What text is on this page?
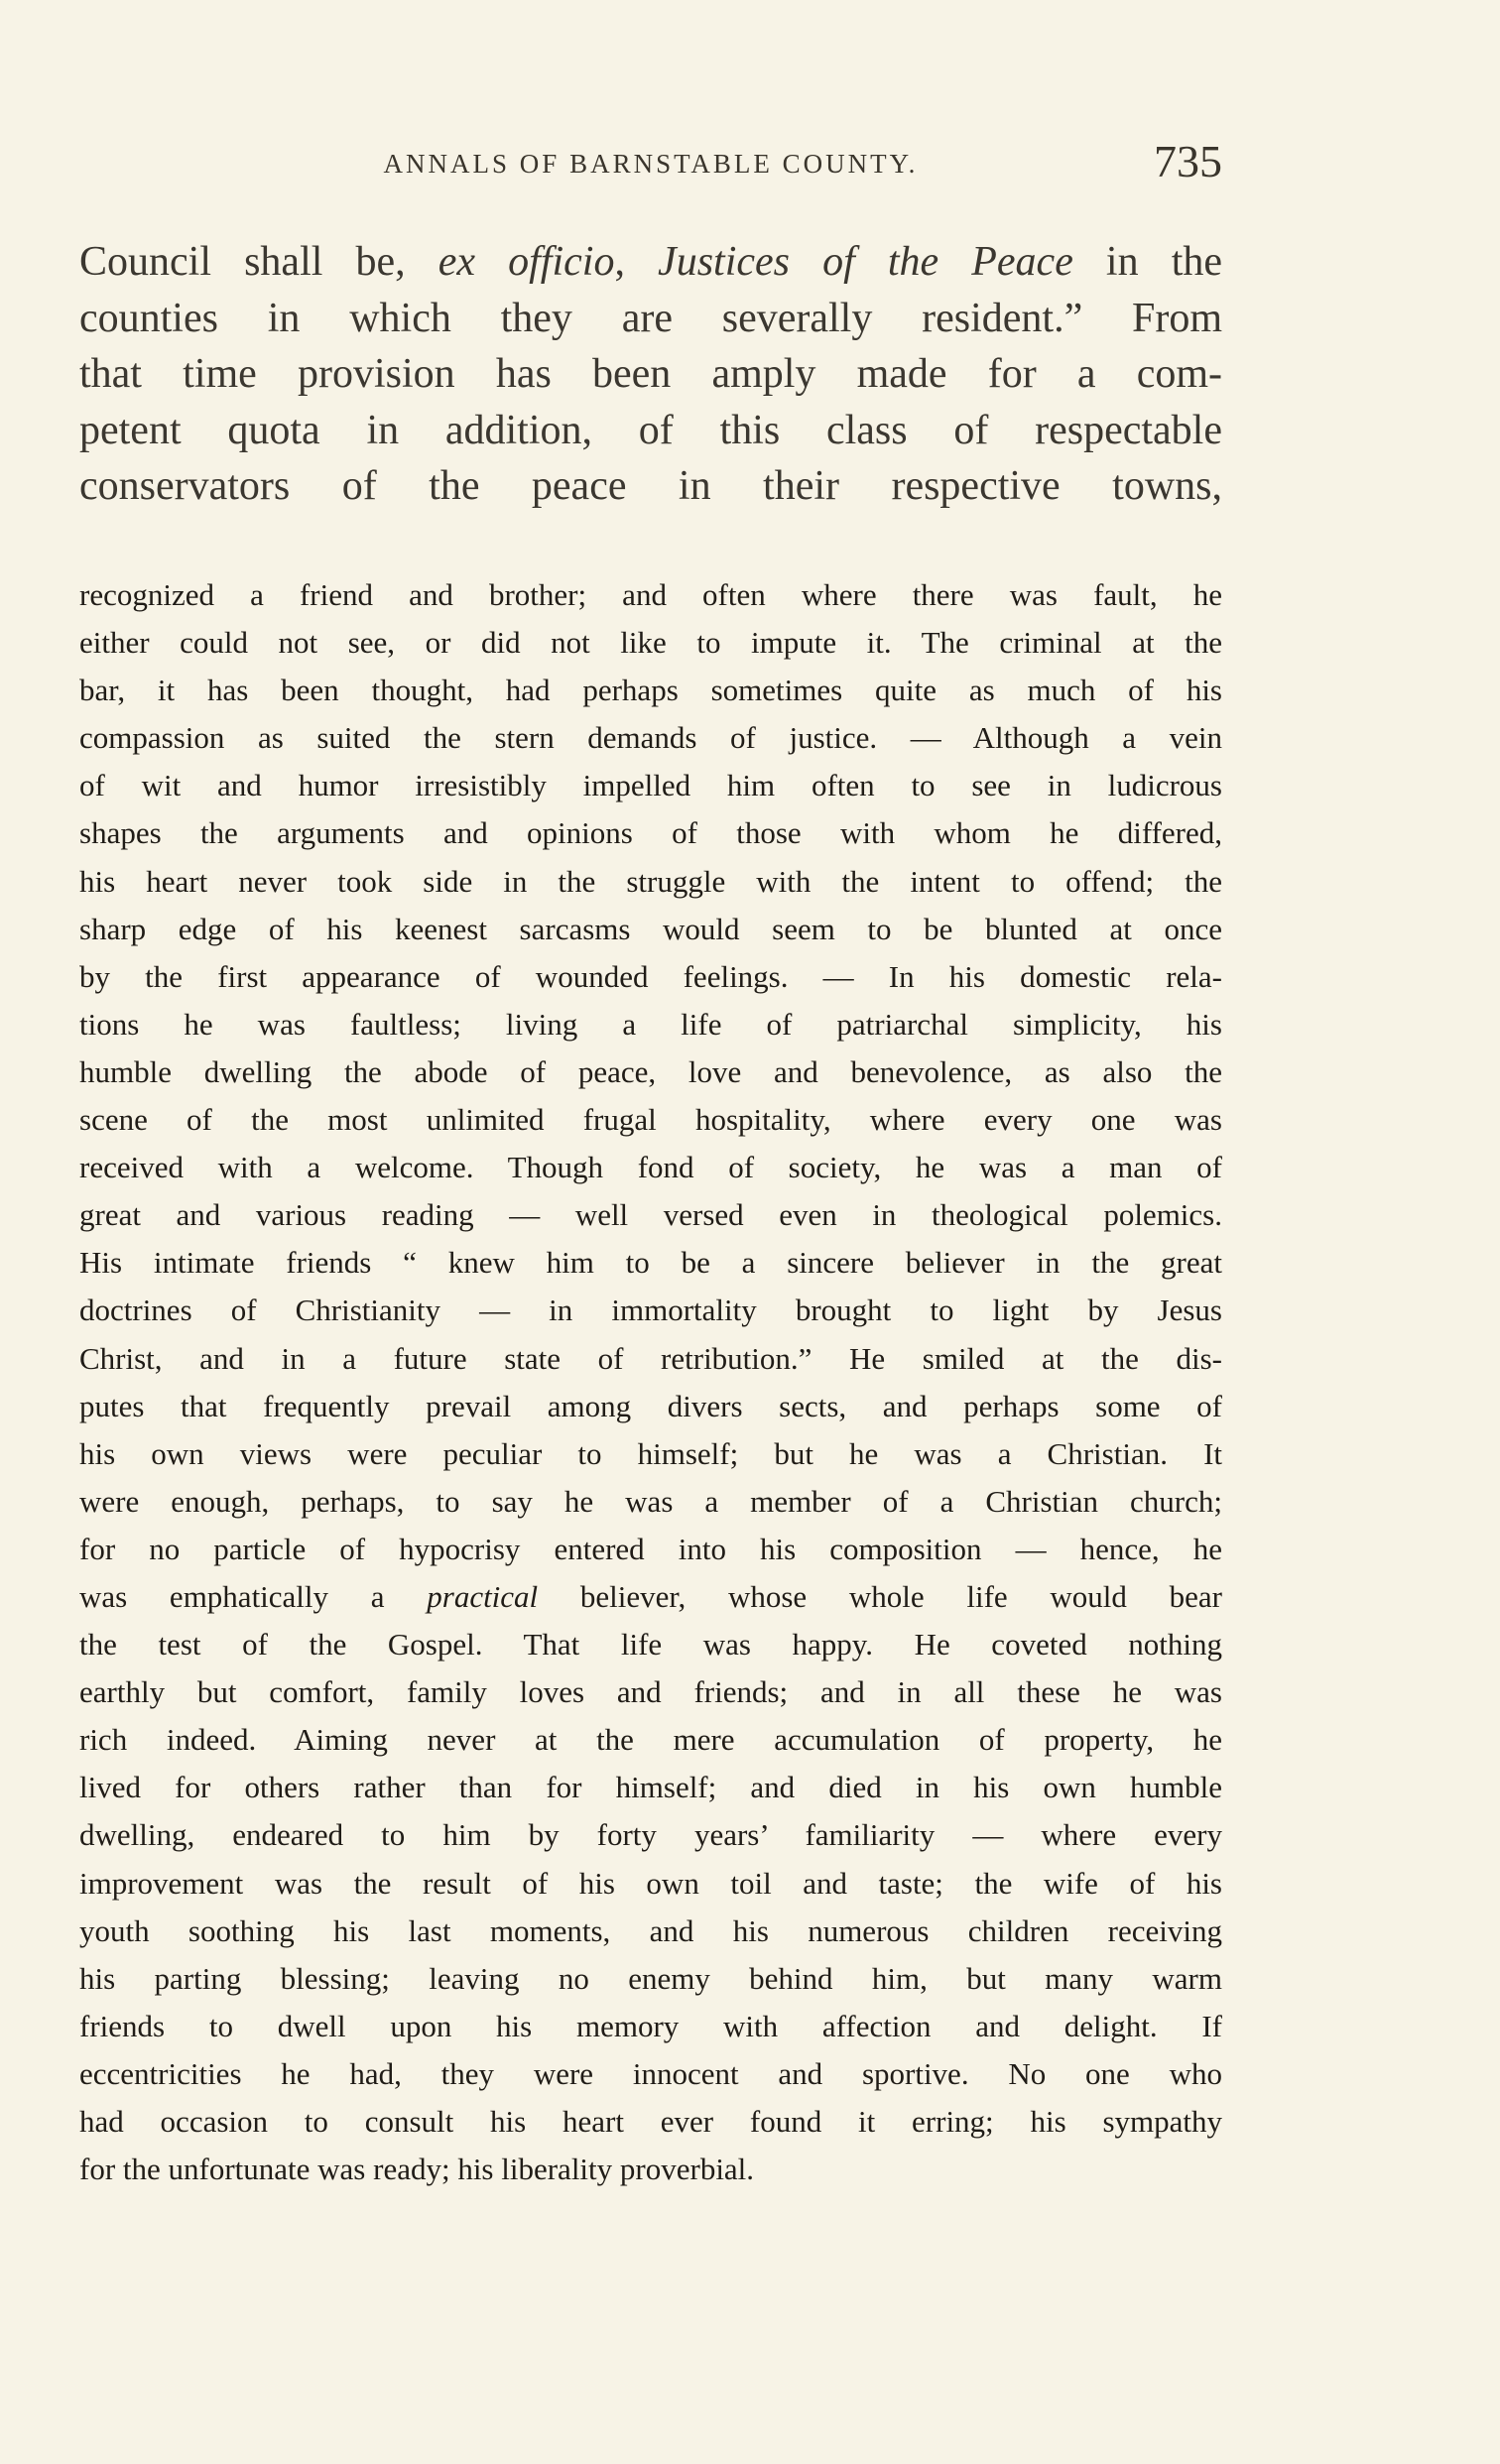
ANNALS OF BARNSTABLE COUNTY.	735
Council shall be, ex officio, Justices of the Peace in the
counties in which they are severally resident.” From
that time provision has been amply made for a com-
petent quota in addition, of this class of respectable
conservators of the peace in their respective towns,
recognized a friend and brother; and often where there was fault, he
either could not see, or did not like to impute it. The criminal at the
bar, it has been thought, had perhaps sometimes quite as much of his
compassion as suited the stern demands of justice. — Although a vein
of wit and humor irresistibly impelled him often to see in ludicrous
shapes the arguments and opinions of those with whom he differed,
his heart never took side in the struggle with the intent to offend; the
sharp edge of his keenest sarcasms would seem to be blunted at once
by the first appearance of wounded feelings. — In his domestic rela-
tions he was faultless; living a life of patriarchal simplicity, his
humble dwelling the abode of peace, love and benevolence, as also the
scene of the most unlimited frugal hospitality, where every one was
received with a welcome. Though fond of society, he was a man of
great and various reading — well versed even in theological polemics.
His intimate friends “ knew him to be a sincere believer in the great
doctrines of Christianity — in immortality brought to light by Jesus
Christ, and in a future state of retribution.” He smiled at the dis-
putes that frequently prevail among divers sects, and perhaps some of
his own views were peculiar to himself; but he was a Christian. It
were enough, perhaps, to say he was a member of a Christian church;
for no particle of hypocrisy entered into his composition — hence, he
was emphatically a practical believer, whose whole life would bear
the test of the Gospel. That life was happy. He coveted nothing
earthly but comfort, family loves and friends; and in all these he was
rich indeed. Aiming never at the mere accumulation of property, he
lived for others rather than for himself; and died in his own humble
dwelling, endeared to him by forty years’ familiarity — where every
improvement was the result of his own toil and taste; the wife of his
youth soothing his last moments, and his numerous children receiving
his parting blessing; leaving no enemy behind him, but many warm
friends to dwell upon his memory with affection and delight. If
eccentricities he had, they were innocent and sportive. No one who
had occasion to consult his heart ever found it erring; his sympathy
for the unfortunate was ready; his liberality proverbial.
